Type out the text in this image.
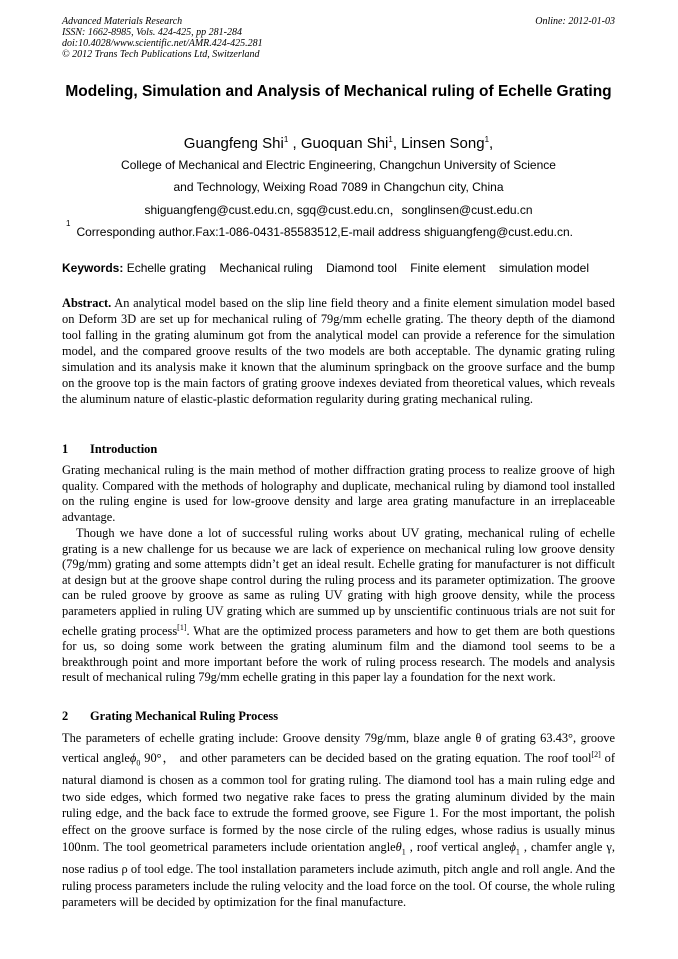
Advanced Materials Research
ISSN: 1662-8985, Vols. 424-425, pp 281-284
doi:10.4028/www.scientific.net/AMR.424-425.281
© 2012 Trans Tech Publications Ltd, Switzerland
Online: 2012-01-03
Modeling, Simulation and Analysis of Mechanical ruling of Echelle Grating
Guangfeng Shi$^1$ , Guoquan Shi$^1$, Linsen Song$^1$,
College of Mechanical and Electric Engineering, Changchun University of Science
and Technology, Weixing Road 7089 in Changchun city, China
shiguangfeng@cust.edu.cn, sgq@cust.edu.cn，songlinsen@cust.edu.cn
$^1$Corresponding author.Fax:1-086-0431-85583512,E-mail address shiguangfeng@cust.edu.cn.
Keywords: Echelle grating Mechanical ruling Diamond tool Finite element simulation model
Abstract. An analytical model based on the slip line field theory and a finite element simulation model based on Deform 3D are set up for mechanical ruling of 79g/mm echelle grating. The theory depth of the diamond tool falling in the grating aluminum got from the analytical model can provide a reference for the simulation model, and the compared groove results of the two models are both acceptable. The dynamic grating ruling simulation and its analysis make it known that the aluminum springback on the groove surface and the bump on the groove top is the main factors of grating groove indexes deviated from theoretical values, which reveals the aluminum nature of elastic-plastic deformation regularity during grating mechanical ruling.
1 Introduction
Grating mechanical ruling is the main method of mother diffraction grating process to realize groove of high quality. Compared with the methods of holography and duplicate, mechanical ruling by diamond tool installed on the ruling engine is used for low-groove density and large area grating manufacture in an irreplaceable advantage.
Though we have done a lot of successful ruling works about UV grating, mechanical ruling of echelle grating is a new challenge for us because we are lack of experience on mechanical ruling low groove density (79g/mm) grating and some attempts didn’t get an ideal result. Echelle grating for manufacturer is not difficult at design but at the groove shape control during the ruling process and its parameter optimization. The groove can be ruled groove by groove as same as ruling UV grating with high groove density, while the process parameters applied in ruling UV grating which are summed up by unscientific continuous trials are not suit for echelle grating process[1]. What are the optimized process parameters and how to get them are both questions for us, so doing some work between the grating aluminum film and the diamond tool seems to be a breakthrough point and more important before the work of ruling process research. The models and analysis result of mechanical ruling 79g/mm echelle grating in this paper lay a foundation for the next work.
2 Grating Mechanical Ruling Process
The parameters of echelle grating include: Groove density 79g/mm, blaze angle θ of grating 63.43°, groove vertical angleϕ$_0$ 90°， and other parameters can be decided based on the grating equation. The roof tool[2] of natural diamond is chosen as a common tool for grating ruling. The diamond tool has a main ruling edge and two side edges, which formed two negative rake faces to press the grating aluminum divided by the main ruling edge, and the back face to extrude the formed groove, see Figure 1. For the most important, the polish effect on the groove surface is formed by the nose circle of the ruling edges, whose radius is usually minus 100nm. The tool geometrical parameters include orientation angleθ$_1$ , roof vertical angleϕ$_1$ , chamfer angle γ, nose radius ρ of tool edge. The tool installation parameters include azimuth, pitch angle and roll angle. And the ruling process parameters include the ruling velocity and the load force on the tool. Of course, the whole ruling parameters will be decided by optimization for the final manufacture.
